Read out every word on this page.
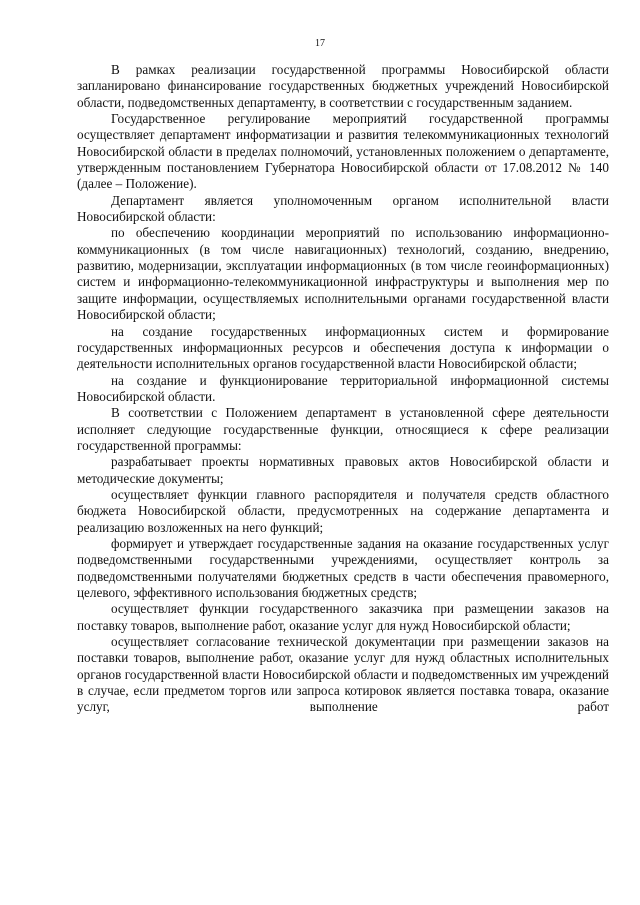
17

В рамках реализации государственной программы Новосибирской области запланировано финансирование государственных бюджетных учреждений Новосибирской области, подведомственных департаменту, в соответствии с государственным заданием.

Государственное регулирование мероприятий государственной программы осуществляет департамент информатизации и развития телекоммуникационных технологий Новосибирской области в пределах полномочий, установленных положением о департаменте, утвержденным постановлением Губернатора Новосибирской области от 17.08.2012 № 140 (далее – Положение).

Департамент является уполномоченным органом исполнительной власти Новосибирской области:

по обеспечению координации мероприятий по использованию информационно-коммуникационных (в том числе навигационных) технологий, созданию, внедрению, развитию, модернизации, эксплуатации информационных (в том числе геоинформационных) систем и информационно-телекоммуникационной инфраструктуры и выполнения мер по защите информации, осуществляемых исполнительными органами государственной власти Новосибирской области;

на создание государственных информационных систем и формирование государственных информационных ресурсов и обеспечения доступа к информации о деятельности исполнительных органов государственной власти Новосибирской области;

на создание и функционирование территориальной информационной системы Новосибирской области.

В соответствии с Положением департамент в установленной сфере деятельности исполняет следующие государственные функции, относящиеся к сфере реализации государственной программы:

разрабатывает проекты нормативных правовых актов Новосибирской области и методические документы;

осуществляет функции главного распорядителя и получателя средств областного бюджета Новосибирской области, предусмотренных на содержание департамента и реализацию возложенных на него функций;

формирует и утверждает государственные задания на оказание государственных услуг подведомственными государственными учреждениями, осуществляет контроль за подведомственными получателями бюджетных средств в части обеспечения правомерного, целевого, эффективного использования бюджетных средств;

осуществляет функции государственного заказчика при размещении заказов на поставку товаров, выполнение работ, оказание услуг для нужд Новосибирской области;

осуществляет согласование технической документации при размещении заказов на поставки товаров, выполнение работ, оказание услуг для нужд областных исполнительных органов государственной власти Новосибирской области и подведомственных им учреждений в случае, если предметом торгов или запроса котировок является поставка товара, оказание услуг, выполнение работ
